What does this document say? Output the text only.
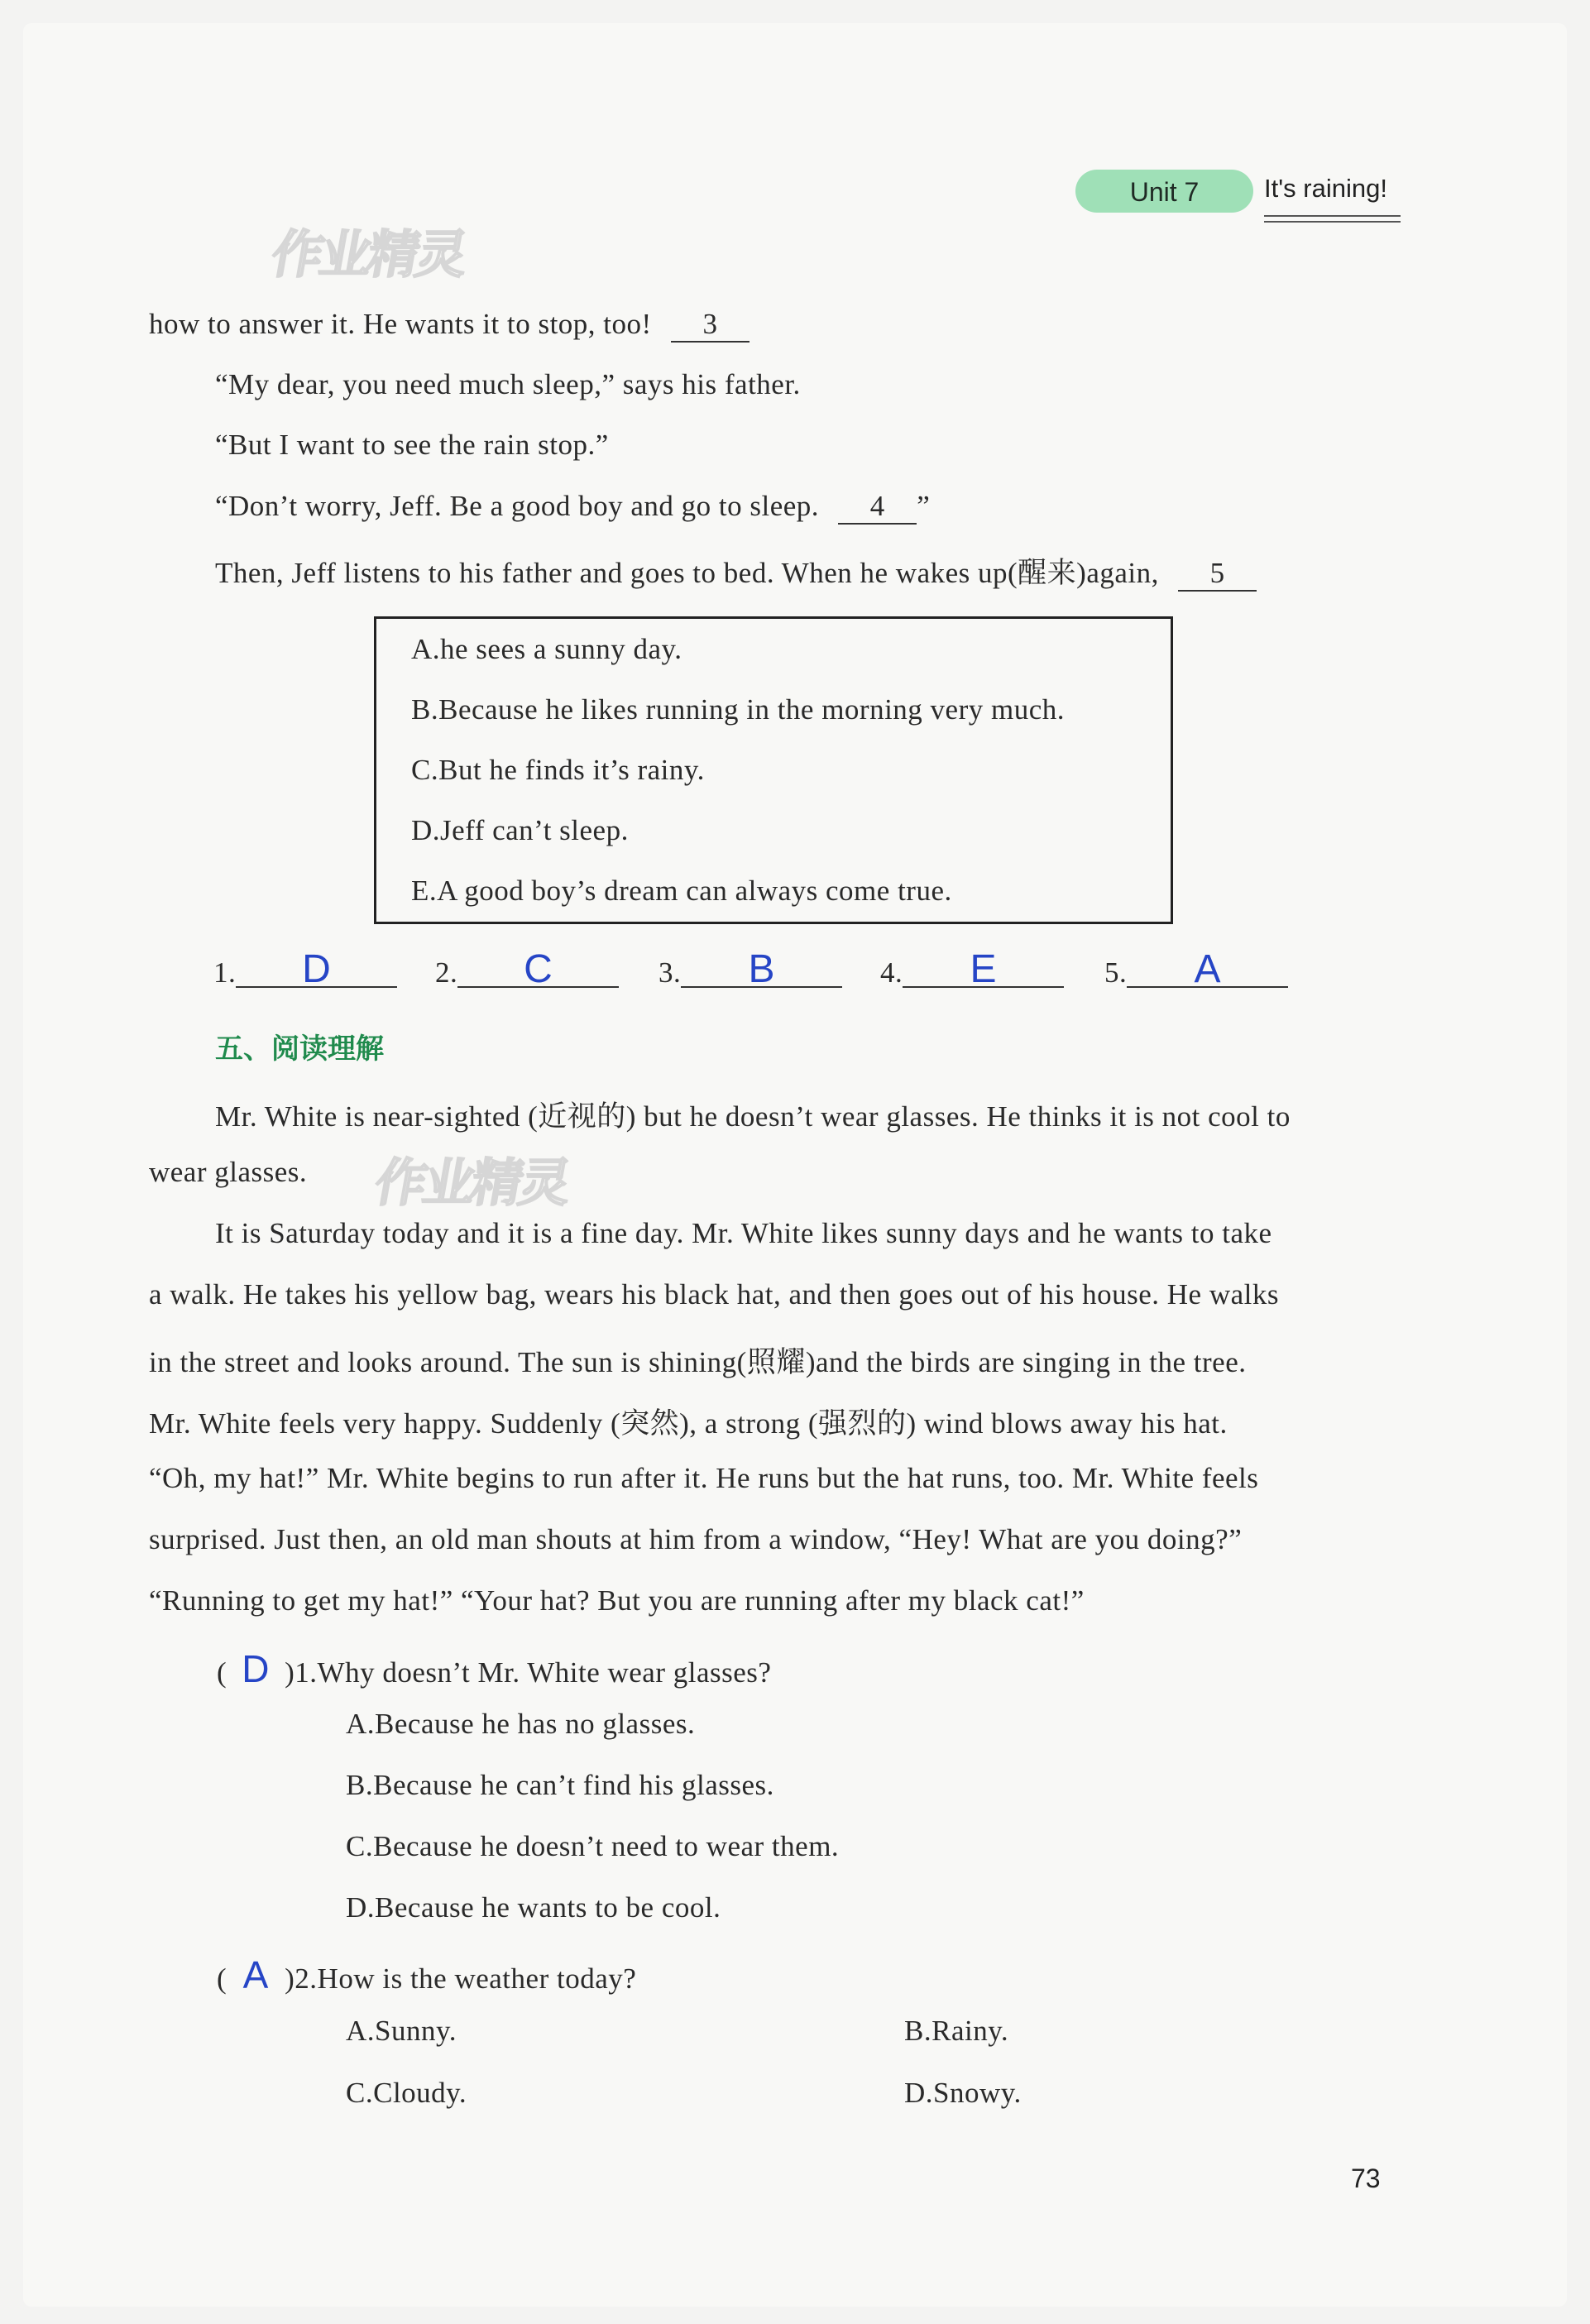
Unit 7	It's raining!
作业精灵
作业精灵
how to answer it. He wants it to stop, too! 3
“My dear, you need much sleep,” says his father.
“But I want to see the rain stop.”
“Don’t worry, Jeff. Be a good boy and go to sleep. 4 ”
Then, Jeff listens to his father and goes to bed. When he wakes up(醒来)again, 5
A.he sees a sunny day.
B.Because he likes running in the morning very much.
C.But he finds it’s rainy.
D.Jeff can’t sleep.
E.A good boy’s dream can always come true.
1. D	2. C	3. B	4. E	5. A
五、阅读理解
Mr. White is near-sighted (近视的) but he doesn’t wear glasses. He thinks it is not cool to
wear glasses.
It is Saturday today and it is a fine day. Mr. White likes sunny days and he wants to take
a walk. He takes his yellow bag, wears his black hat, and then goes out of his house. He walks
in the street and looks around. The sun is shining(照耀)and the birds are singing in the tree.
Mr. White feels very happy. Suddenly (突然), a strong (强烈的) wind blows away his hat.
“Oh, my hat!” Mr. White begins to run after it. He runs but the hat runs, too. Mr. White feels
surprised. Just then, an old man shouts at him from a window, “Hey! What are you doing?”
“Running to get my hat!” “Your hat? But you are running after my black cat!”
( D )1.Why doesn’t Mr. White wear glasses?
A.Because he has no glasses.
B.Because he can’t find his glasses.
C.Because he doesn’t need to wear them.
D.Because he wants to be cool.
( A )2.How is the weather today?
A.Sunny.	B.Rainy.
C.Cloudy.	D.Snowy.
73
